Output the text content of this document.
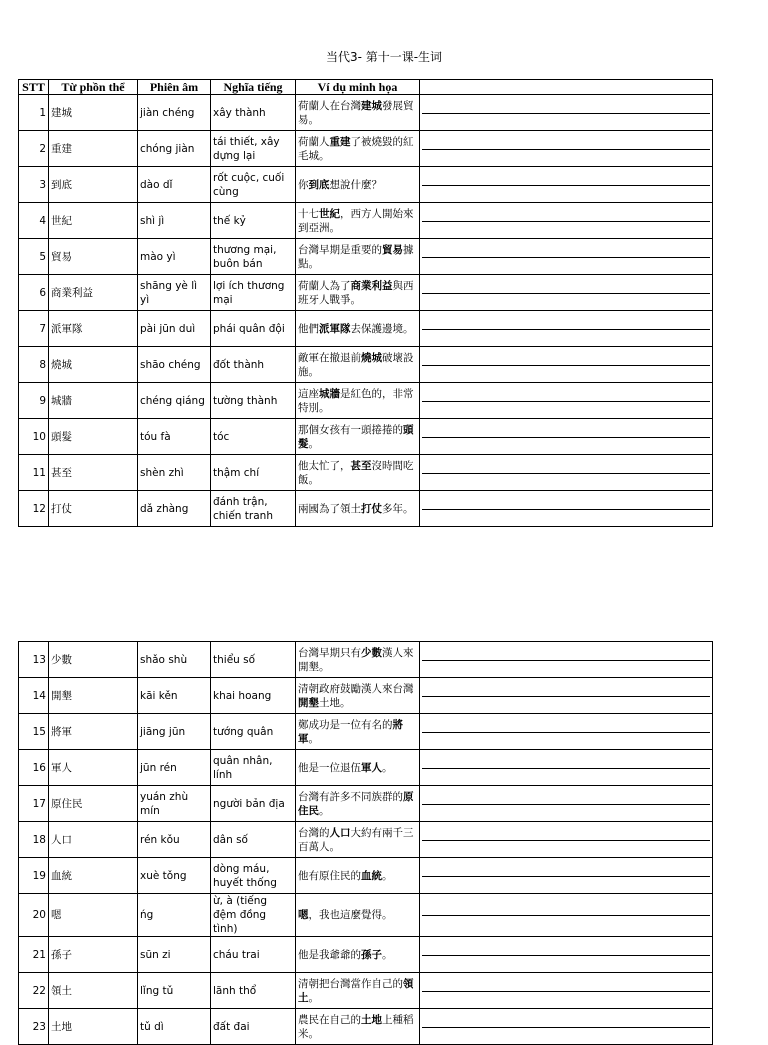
当代3- 第十一课-生词
STT	Từ phồn thể	Phiên âm	Nghĩa tiếng	Ví dụ minh họa	
1	建城	jiàn chéng	xây thành	荷蘭人在台灣建城發展貿易。	

2	重建	chóng jiàn	tái thiết, xây dựng lại	荷蘭人重建了被燒毀的紅毛城。	

3	到底	dào dǐ	rốt cuộc, cuối cùng	你到底想說什麼？	

4	世紀	shì jì	thế kỷ	十七世紀，西方人開始來到亞洲。	

5	貿易	mào yì	thương mại, buôn bán	台灣早期是重要的貿易據點。	

6	商業利益	shāng yè lì yì	lợi ích thương mại	荷蘭人為了商業利益與西班牙人戰爭。	

7	派軍隊	pài jūn duì	phái quân đội	他們派軍隊去保護邊境。	

8	燒城	shāo chéng	đốt thành	敵軍在撤退前燒城破壞設施。	

9	城牆	chéng qiáng	tường thành	這座城牆是紅色的，非常特別。	

10	頭髮	tóu fà	tóc	那個女孩有一頭捲捲的頭髮。	

11	甚至	shèn zhì	thậm chí	他太忙了，甚至沒時間吃飯。	

12	打仗	dǎ zhàng	đánh trận, chiến tranh	兩國為了領土打仗多年。	
13	少數	shǎo shù	thiểu số	台灣早期只有少數漢人來開墾。	

14	開墾	kāi kěn	khai hoang	清朝政府鼓勵漢人來台灣開墾土地。	

15	將軍	jiāng jūn	tướng quân	鄭成功是一位有名的將軍。	

16	軍人	jūn rén	quân nhân, lính	他是一位退伍軍人。	

17	原住民	yuán zhù mín	người bản địa	台灣有許多不同族群的原住民。	

18	人口	rén kǒu	dân số	台灣的人口大約有兩千三百萬人。	

19	血統	xuè tǒng	dòng máu, huyết thống	他有原住民的血統。	

20	嗯	ńg	ừ, à (tiếng đệm đồng tình)	嗯，我也這麼覺得。	

21	孫子	sūn zi	cháu trai	他是我爺爺的孫子。	

22	領土	lǐng tǔ	lãnh thổ	清朝把台灣當作自己的領土。	

23	土地	tǔ dì	đất đai	農民在自己的土地上種稻米。	
